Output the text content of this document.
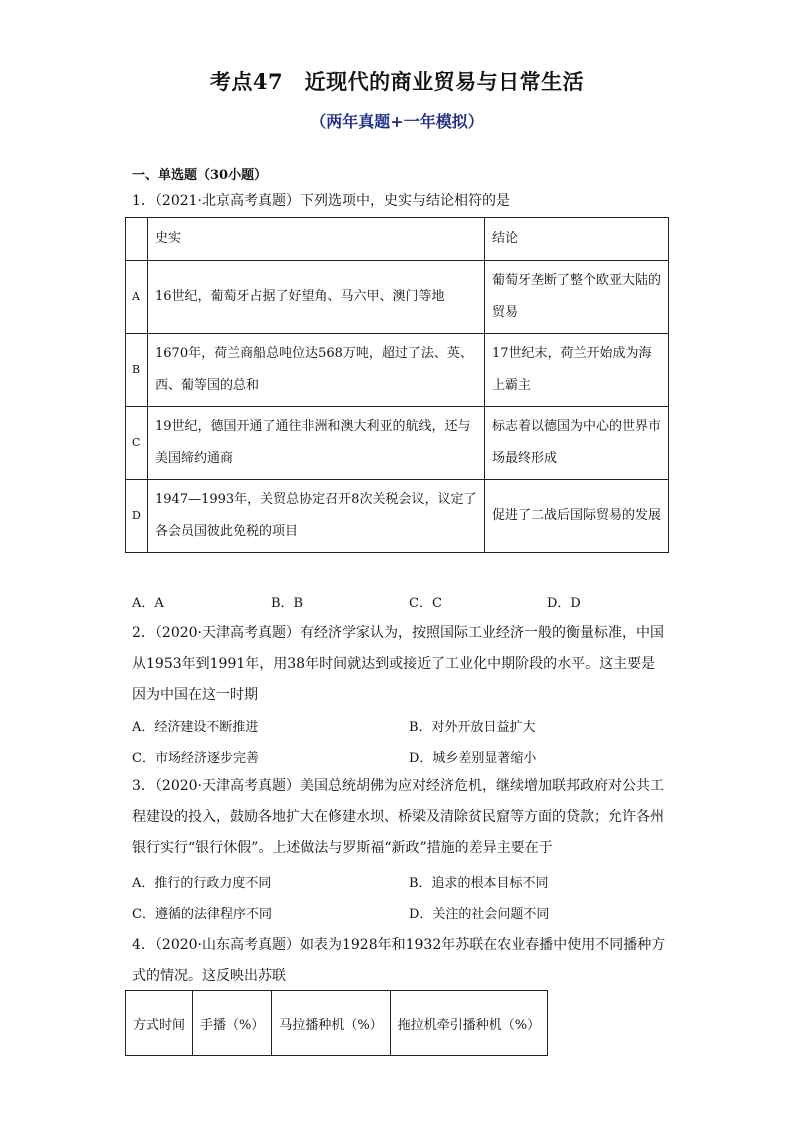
考点47　近现代的商业贸易与日常生活
（两年真题+一年模拟）
一、单选题（30小题）
1．（2021·北京高考真题）下列选项中，史实与结论相符的是
	史实	结论
A	16世纪，葡萄牙占据了好望角、马六甲、澳门等地	葡萄牙垄断了整个欧亚大陆的贸易
B	1670年，荷兰商船总吨位达568万吨，超过了法、英、西、葡等国的总和	17世纪末，荷兰开始成为海上霸主
C	19世纪，德国开通了通往非洲和澳大利亚的航线，还与美国缔约通商	标志着以德国为中心的世界市场最终形成
D	1947—1993年，关贸总协定召开8次关税会议，议定了各会员国彼此免税的项目	促进了二战后国际贸易的发展
A．A	B．B	C．C	D．D
2．（2020·天津高考真题）有经济学家认为，按照国际工业经济一般的衡量标准，中国从1953年到1991年，用38年时间就达到或接近了工业化中期阶段的水平。这主要是因为中国在这一时期
A．经济建设不断推进	B．对外开放日益扩大
C．市场经济逐步完善	D．城乡差别显著缩小
3．（2020·天津高考真题）美国总统胡佛为应对经济危机，继续增加联邦政府对公共工程建设的投入，鼓励各地扩大在修建水坝、桥梁及清除贫民窟等方面的贷款；允许各州银行实行“银行休假”。上述做法与罗斯福“新政”措施的差异主要在于
A．推行的行政力度不同	B．追求的根本目标不同
C．遵循的法律程序不同	D．关注的社会问题不同
4．（2020·山东高考真题）如表为1928年和1932年苏联在农业春播中使用不同播种方式的情况。这反映出苏联
方式时间	手播（%）	马拉播种机（%）	拖拉机牵引播种机（%）
